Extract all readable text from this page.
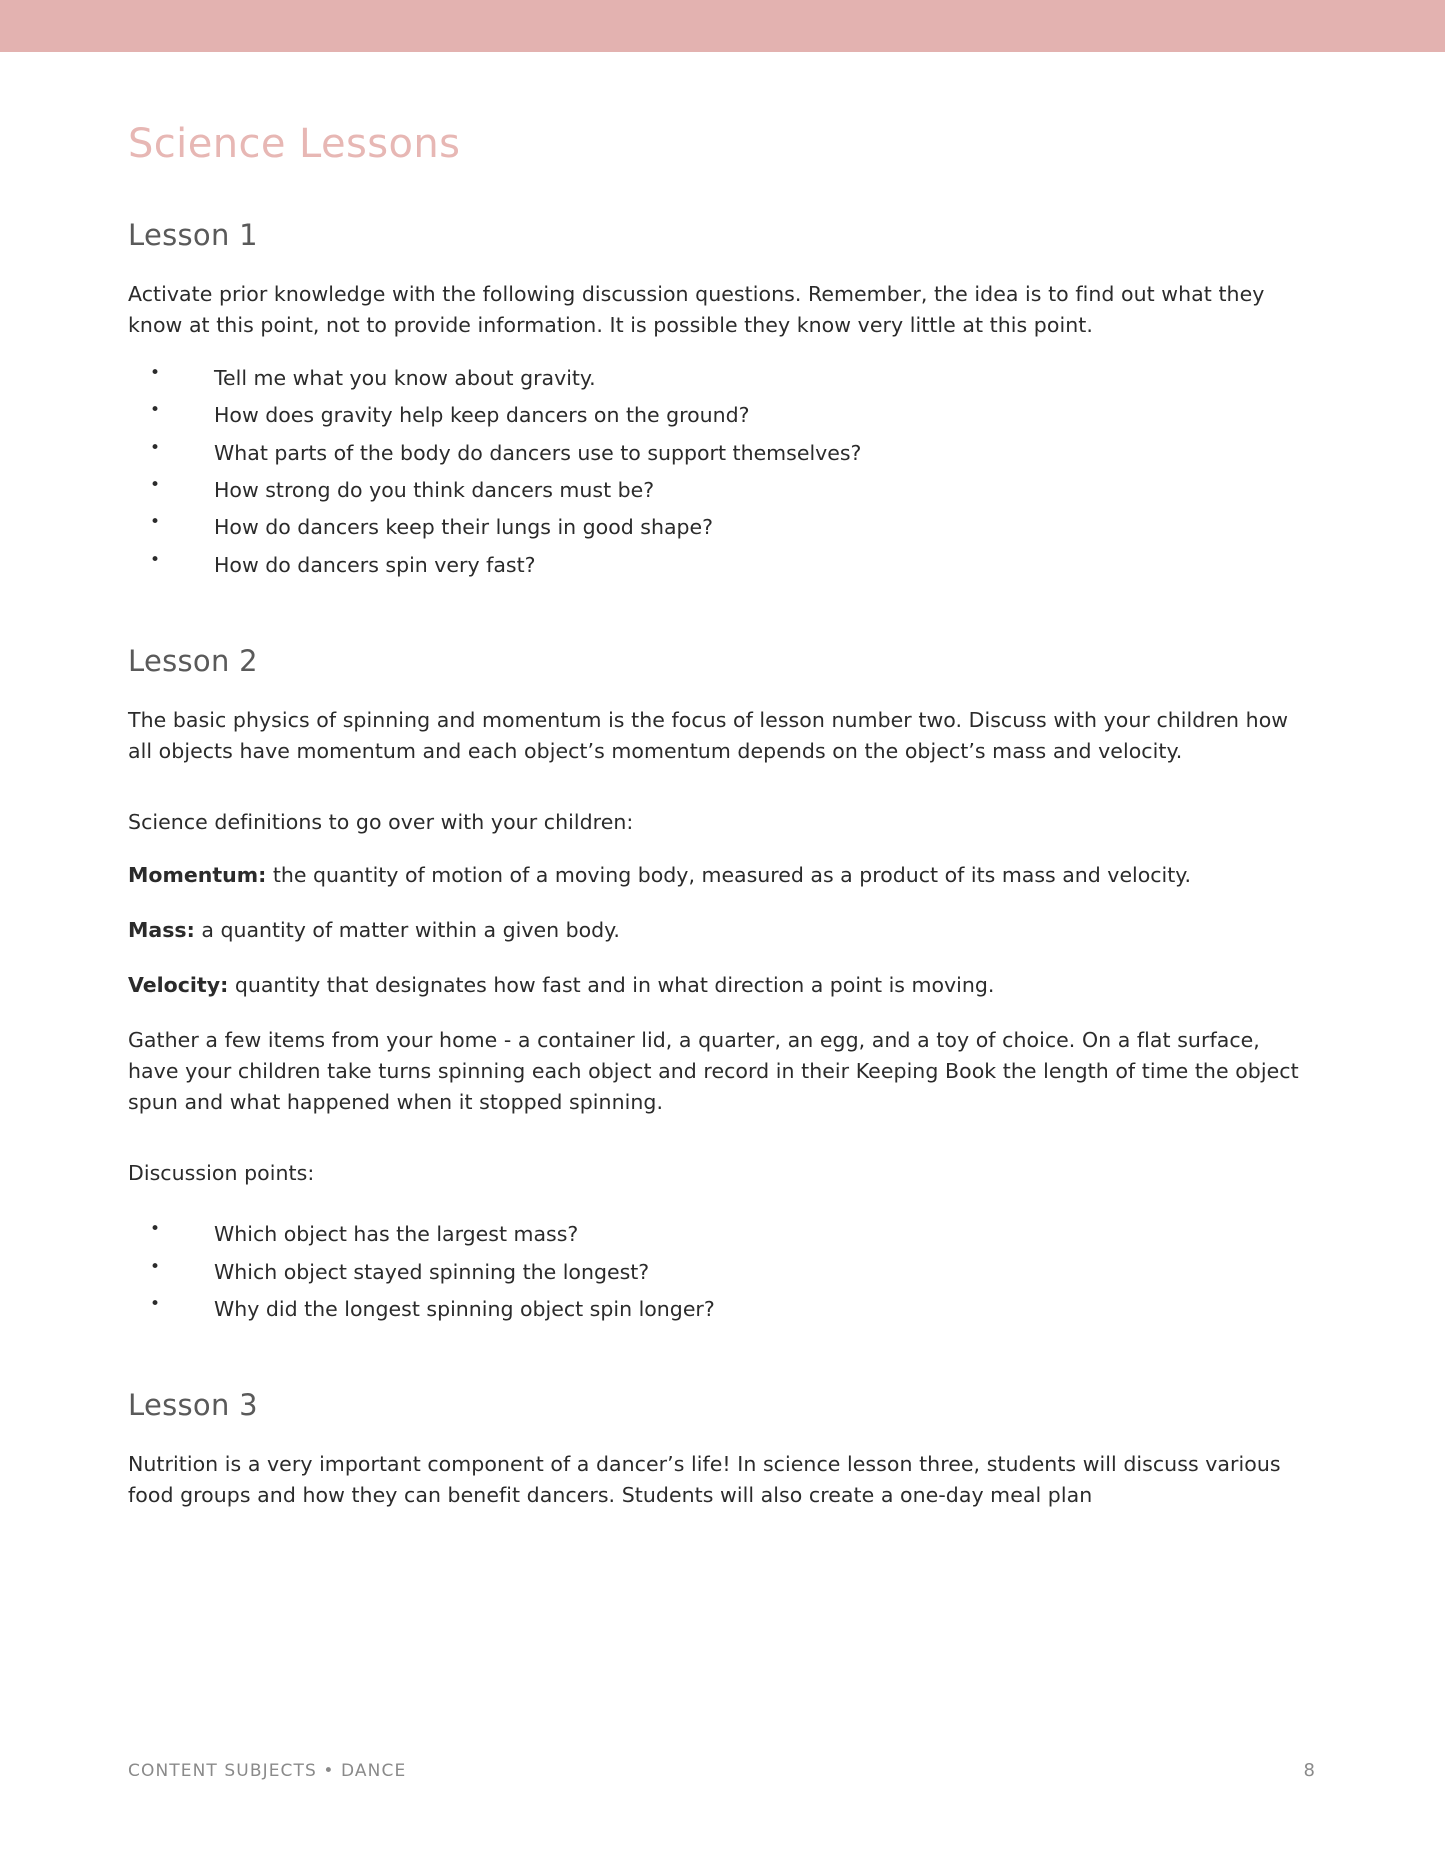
Science Lessons
Lesson 1

Activate prior knowledge with the following discussion questions. Remember, the idea is to find out what they know at this point, not to provide information. It is possible they know very little at this point.

• Tell me what you know about gravity.
• How does gravity help keep dancers on the ground?
• What parts of the body do dancers use to support themselves?
• How strong do you think dancers must be?
• How do dancers keep their lungs in good shape?
• How do dancers spin very fast?
Lesson 2

The basic physics of spinning and momentum is the focus of lesson number two. Discuss with your children how all objects have momentum and each object’s momentum depends on the object’s mass and velocity.

Science definitions to go over with your children:

Momentum: the quantity of motion of a moving body, measured as a product of its mass and velocity.

Mass: a quantity of matter within a given body.

Velocity: quantity that designates how fast and in what direction a point is moving.

Gather a few items from your home - a container lid, a quarter, an egg, and a toy of choice. On a flat surface, have your children take turns spinning each object and record in their Keeping Book the length of time the object spun and what happened when it stopped spinning.

Discussion points:

• Which object has the largest mass?
• Which object stayed spinning the longest?
• Why did the longest spinning object spin longer?
Lesson 3

Nutrition is a very important component of a dancer’s life! In science lesson three, students will discuss various food groups and how they can benefit dancers. Students will also create a one-day meal plan

CONTENT SUBJECTS • DANCE	8
